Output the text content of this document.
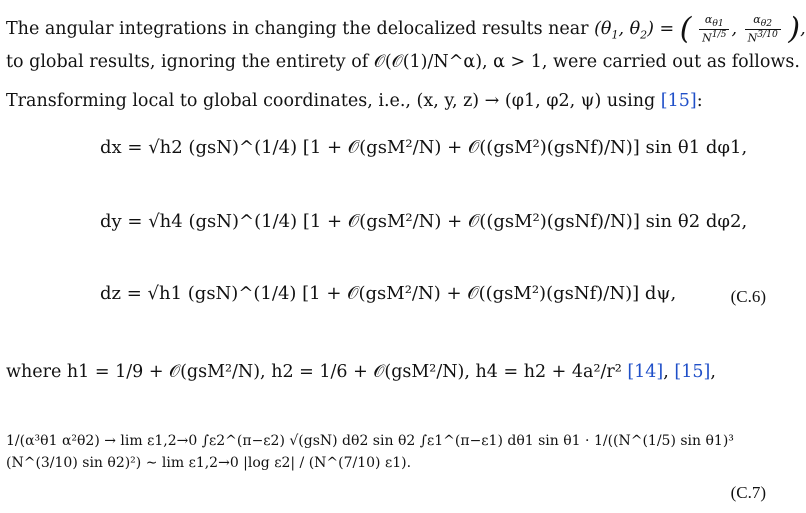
The angular integrations in changing the delocalized results near ($\theta_1$, $\theta_2$) = ( $\frac{\alpha_{\theta 1}}{N^{1/5}}$ , $\frac{\alpha_{\theta 2}}{N^{3/10}}$ ),
to global results, ignoring the entirety of 𝒪(𝒪(1)/N^α), α > 1, were carried out as follows.
Transforming local to global coordinates, i.e., (x, y, z) → (φ1, φ2, ψ) using [15]:
dx = √h2 (gsN)^(1/4) [1 + 𝒪(gsM²/N) + 𝒪((gsM²)(gsNf)/N)] sin θ1 dφ1,
dy = √h4 (gsN)^(1/4) [1 + 𝒪(gsM²/N) + 𝒪((gsM²)(gsNf)/N)] sin θ2 dφ2,
dz = √h1 (gsN)^(1/4) [1 + 𝒪(gsM²/N) + 𝒪((gsM²)(gsNf)/N)] dψ,	(C.6)
where h1 = 1/9 + 𝒪(gsM²/N), h2 = 1/6 + 𝒪(gsM²/N), h4 = h2 + 4a²/r² [14], [15],
1/(α³θ1 α²θ2) → lim ε1,2→0 ∫ε2^(π−ε2) √(gsN) dθ2 sin θ2 ∫ε1^(π−ε1) dθ1 sin θ1 · 1/((N^(1/5) sin θ1)³ (N^(3/10) sin θ2)²) ∼ lim ε1,2→0 |log ε2| / (N^(7/10) ε1).
(C.7)
